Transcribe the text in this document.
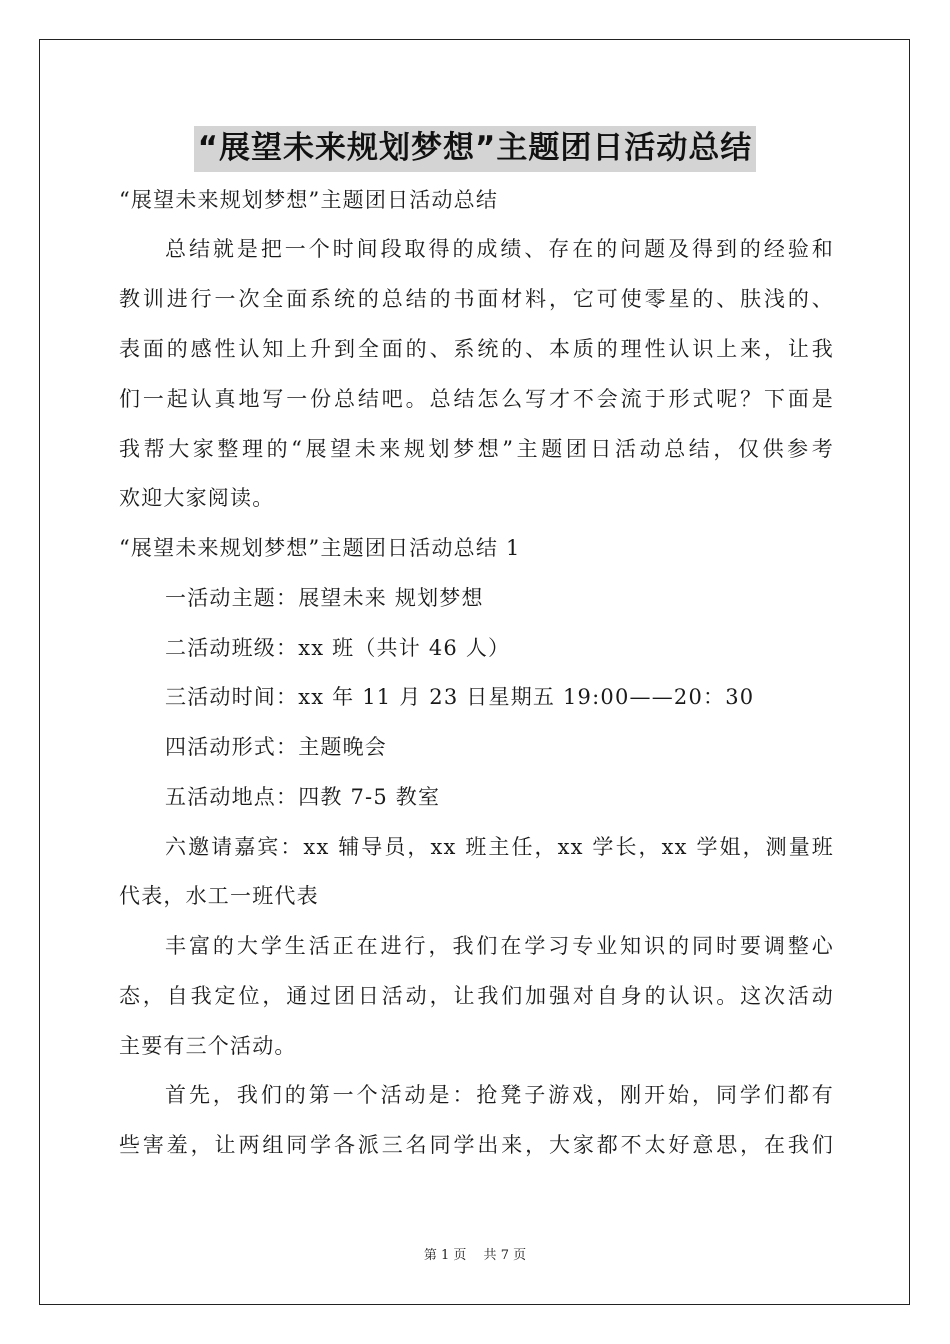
“展望未来规划梦想”主题团日活动总结
“展望未来规划梦想”主题团日活动总结
总结就是把一个时间段取得的成绩、存在的问题及得到的经验和
教训进行一次全面系统的总结的书面材料，它可使零星的、肤浅的、
表面的感性认知上升到全面的、系统的、本质的理性认识上来，让我
们一起认真地写一份总结吧。总结怎么写才不会流于形式呢？下面是
我帮大家整理的“展望未来规划梦想”主题团日活动总结，仅供参考
欢迎大家阅读。
“展望未来规划梦想”主题团日活动总结 1
一活动主题：展望未来 规划梦想
二活动班级：xx 班（共计 46 人）
三活动时间：xx 年 11 月 23 日星期五 19:00——20：30
四活动形式：主题晚会
五活动地点：四教 7-5 教室
六邀请嘉宾：xx 辅导员，xx 班主任，xx 学长，xx 学姐，测量班
代表，水工一班代表
丰富的大学生活正在进行，我们在学习专业知识的同时要调整心
态，自我定位，通过团日活动，让我们加强对自身的认识。这次活动
主要有三个活动。
首先，我们的第一个活动是：抢凳子游戏，刚开始，同学们都有
些害羞，让两组同学各派三名同学出来，大家都不太好意思，在我们
第 1 页　 共 7 页
